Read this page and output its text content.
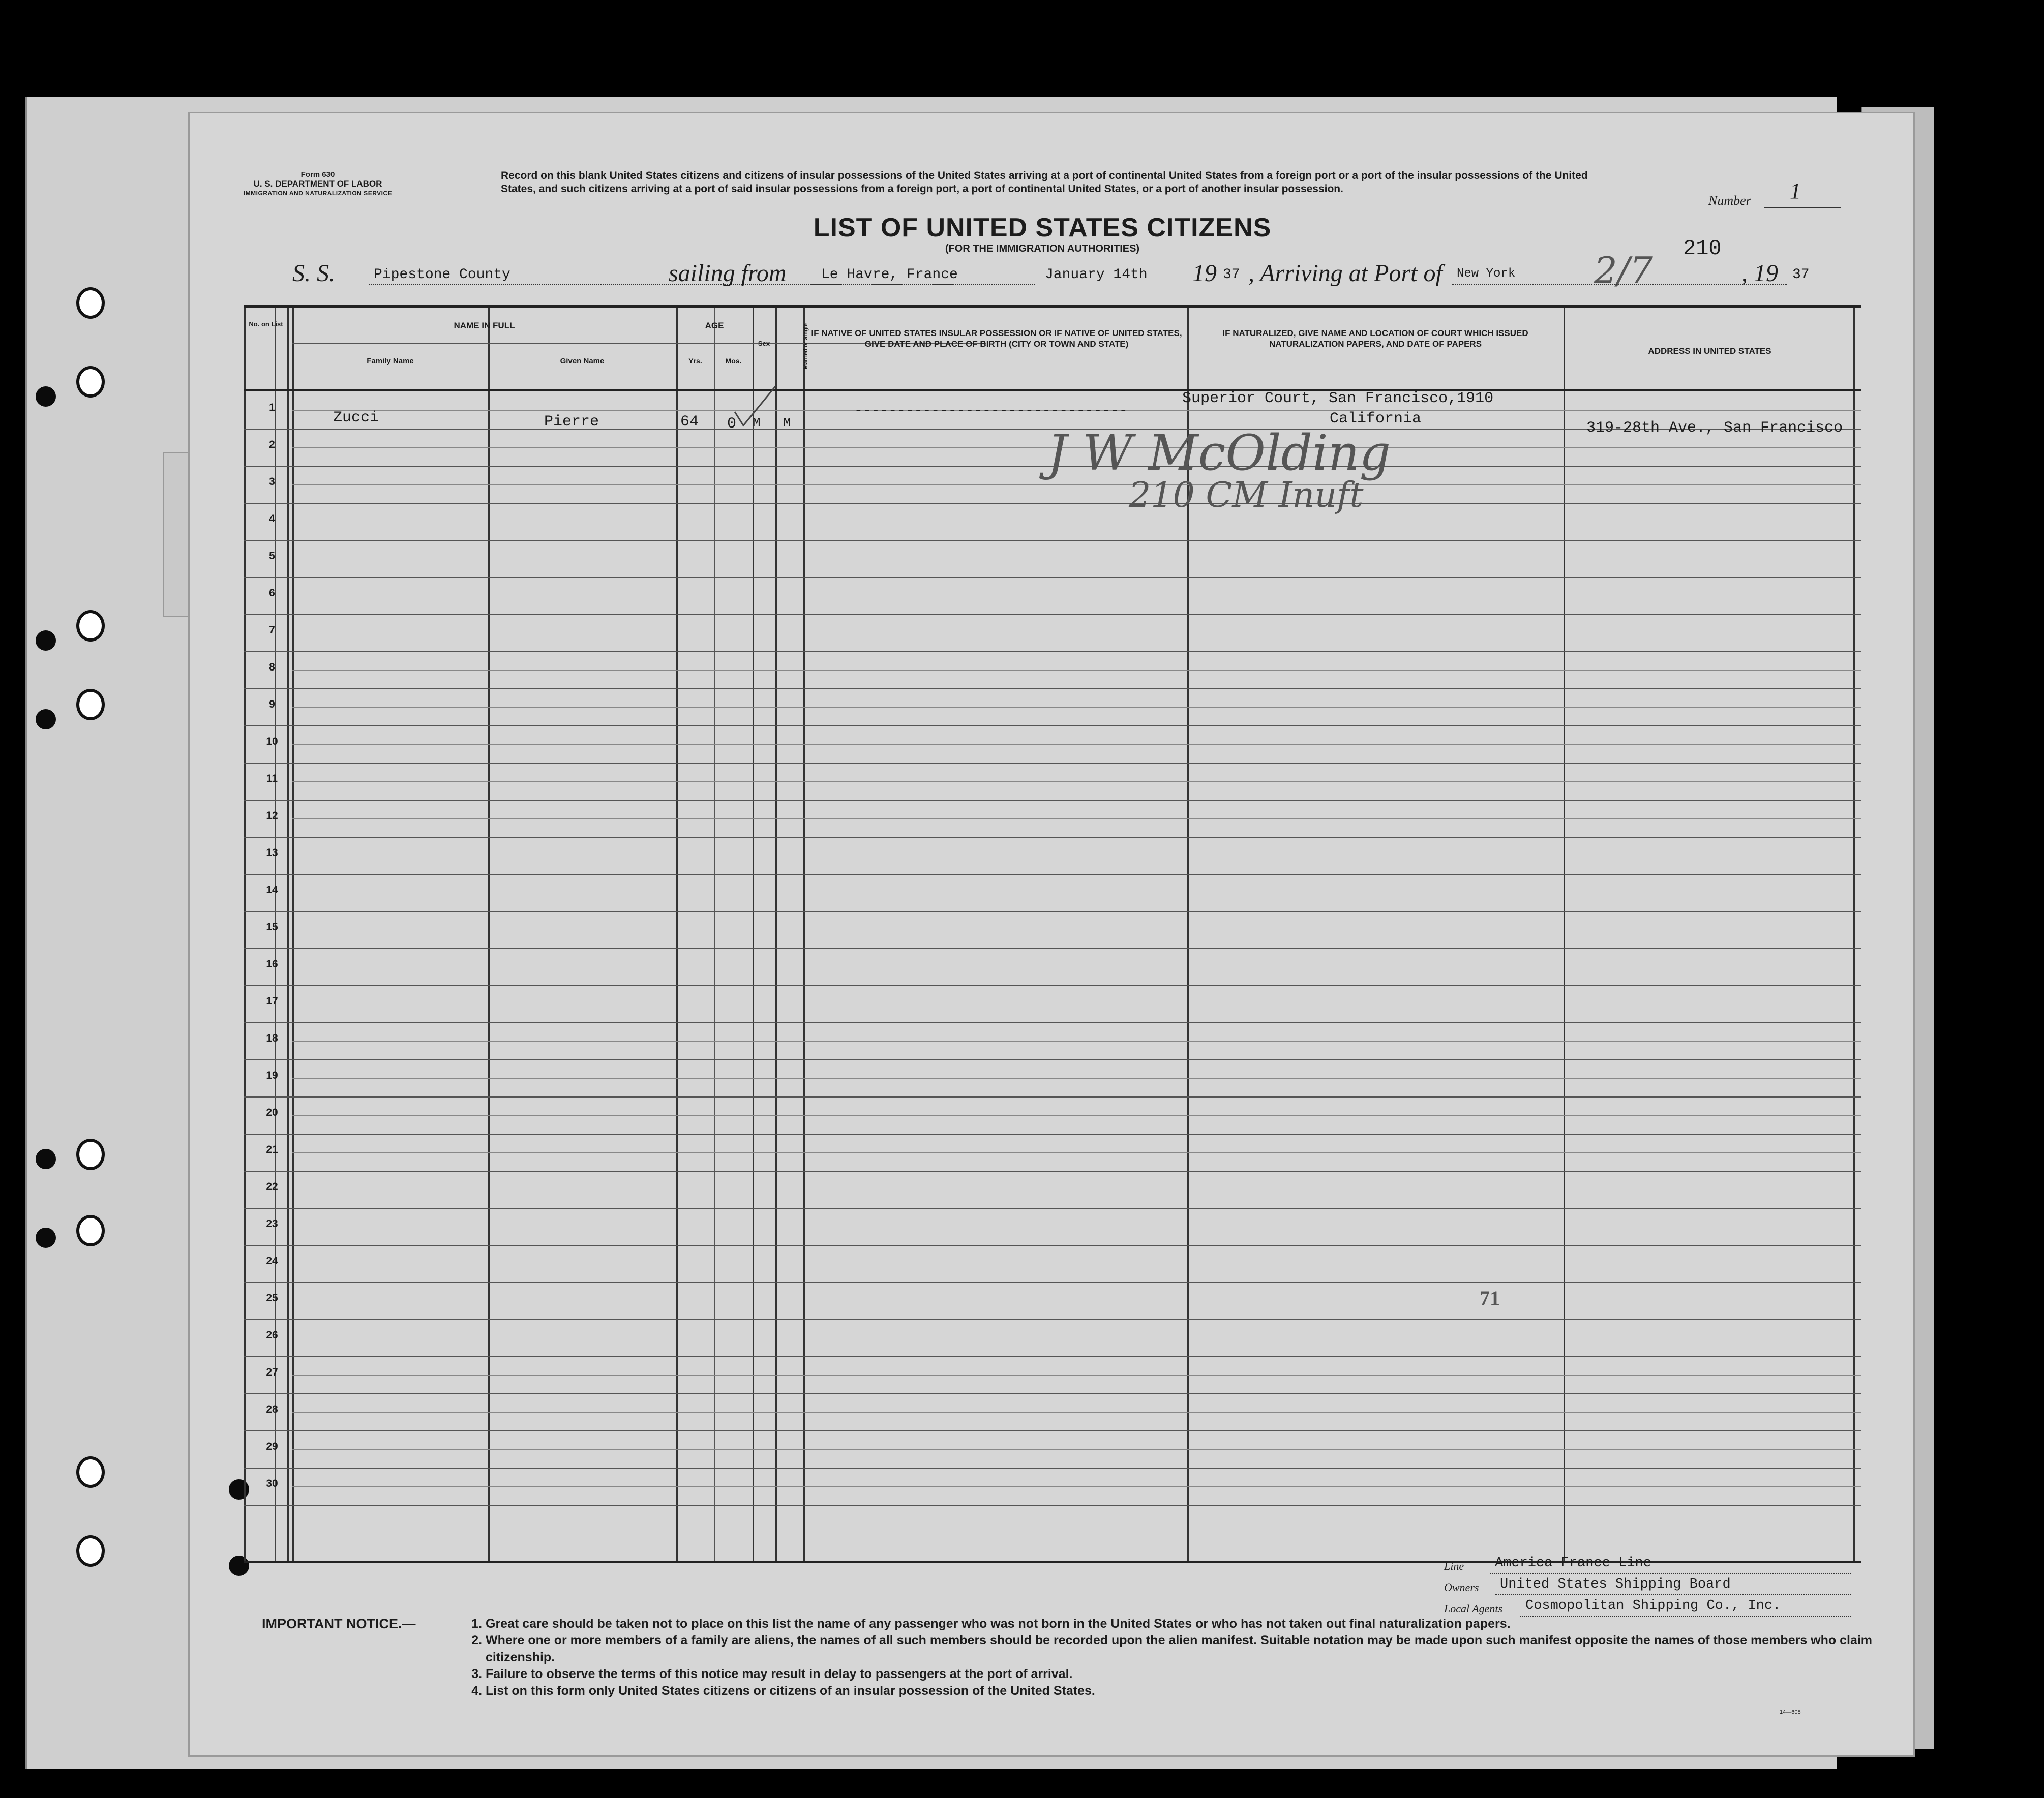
Form 630
U. S. DEPARTMENT OF LABOR
IMMIGRATION AND NATURALIZATION SERVICE
Record on this blank United States citizens and citizens of insular possessions of the United States arriving at a port of continental United States from a foreign port or a port of the insular possessions of the United States, and such citizens arriving at a port of said insular possessions from a foreign port, a port of continental United States, or a port of another insular possession.
Number 1
LIST OF UNITED STATES CITIZENS
(FOR THE IMMIGRATION AUTHORITIES)	210
S. S.	Pipestone County	sailing from Le Havre, France	January 14th 19 37 , Arriving at Port of New York 2/7	, 19 37
No. on List	NAME IN FULL
Family Name	Given Name
AGE
Yrs.	Mos.
Sex	Married or Single IF NATIVE OF UNITED STATES INSULAR POSSESSION OR IF NATIVE OF UNITED STATES, GIVE DATE AND PLACE OF BIRTH (CITY OR TOWN AND STATE)
IF NATURALIZED, GIVE NAME AND LOCATION OF COURT WHICH ISSUED NATURALIZATION PAPERS, AND DATE OF PAPERS
ADDRESS IN UNITED STATES
1
2
3
4
5
6
7
8
9
10
11
12
13
14
15
16
17
18
19
20
21
22
23
24
25
26
27
28
29
30
Zucci	Pierre	64 0 M M
--------------------------------
Superior Court, San Francisco,1910
California
319-28th Ave., San Francisco
J W McOlding
210 CM Inuft
71
Line America France Line
Owners United States Shipping Board
Local Agents Cosmopolitan Shipping Co., Inc.
IMPORTANT NOTICE.—
1.	Great care should be taken not to place on this list the name of any passenger who was not born in the United States or who has not taken out final naturalization papers.
2. Where one or more members of a family are aliens, the names of all such members should be recorded upon the alien manifest. Suitable notation may be made upon such manifest opposite the names of those members who claim citizenship.
3. Failure to observe the terms of this notice may result in delay to passengers at the port of arrival.
4. List on this form only United States citizens or citizens of an insular possession of the United States.
14—608
